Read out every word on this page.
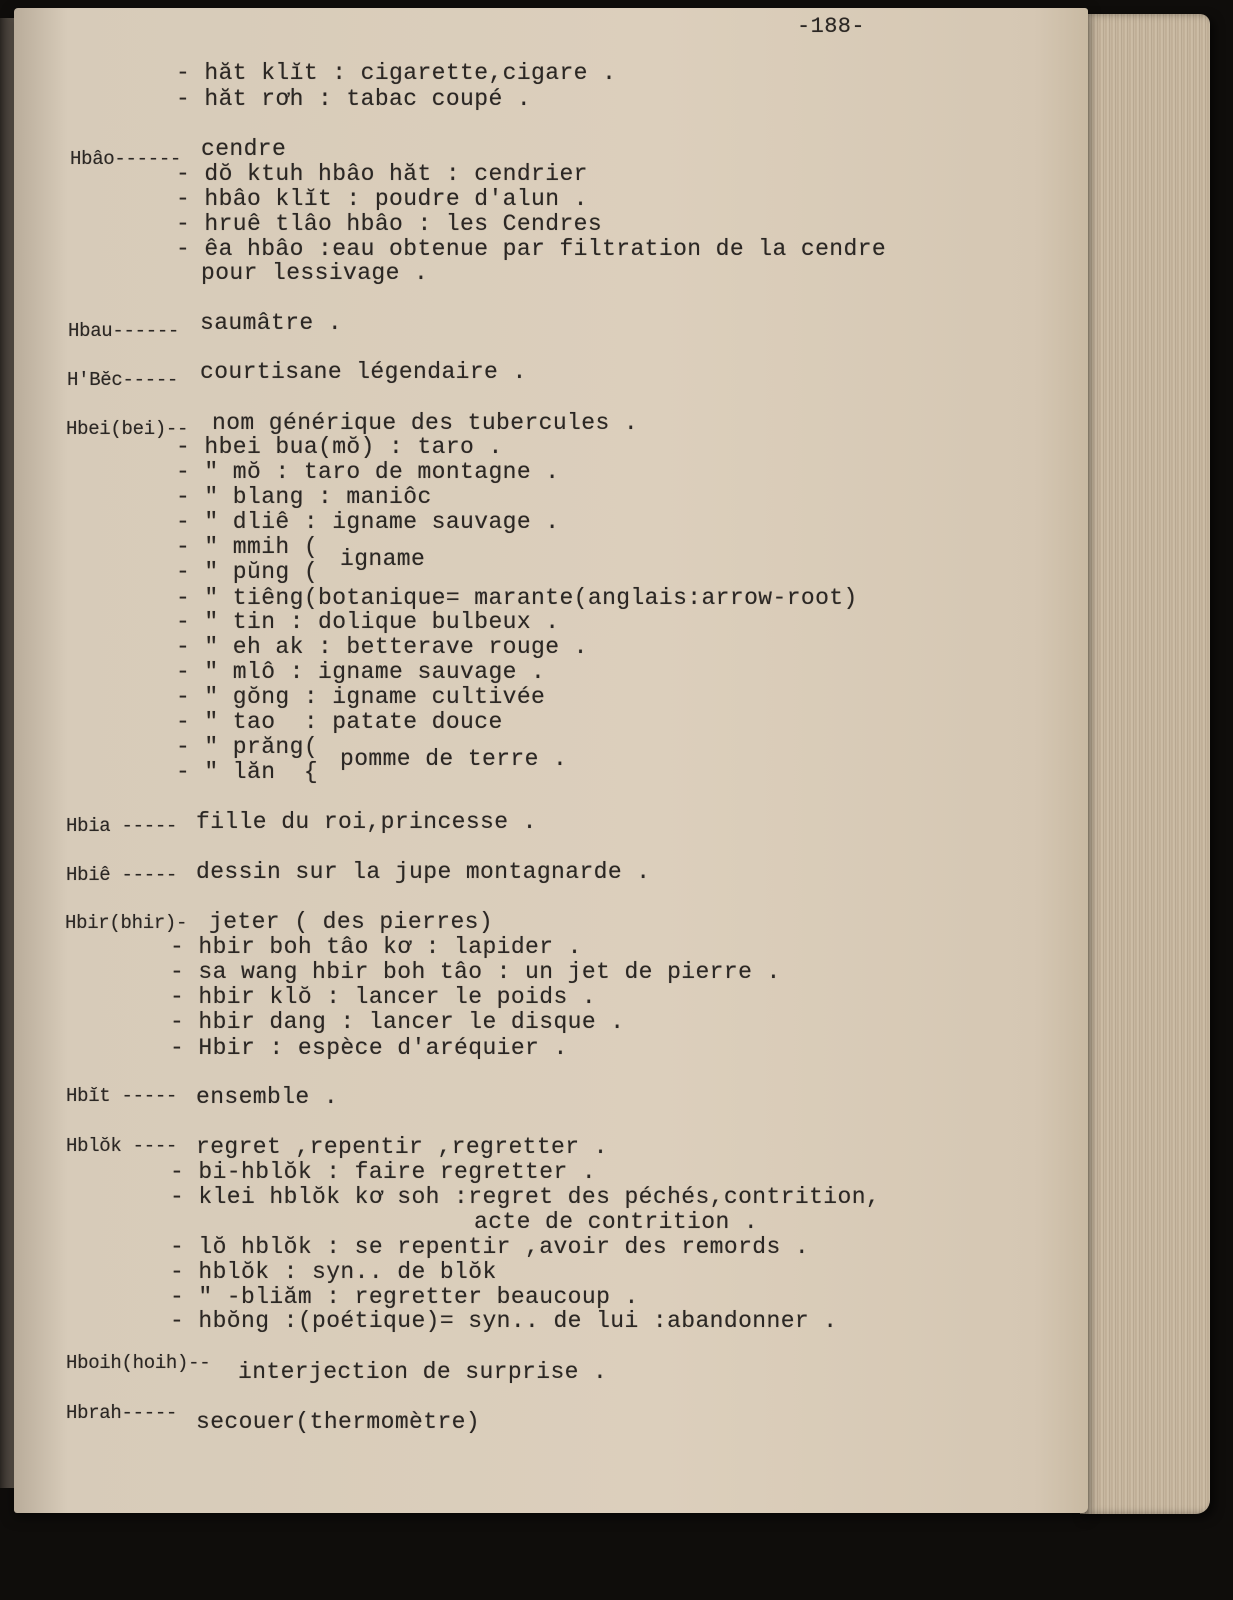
-188-
- hăt klĭt : cigarette,cigare .
- hăt rơh : tabac coupé .
Hbâo------ cendre
- dŏ ktuh hbâo hăt : cendrier
- hbâo klĭt : poudre d'alun .
- hruê tlâo hbâo : les Cendres
- êa hbâo :eau obtenue par filtration de la cendre
pour lessivage .
Hbau------ saumâtre .
H'Bĕc----- courtisane légendaire .
Hbei(bei)-- nom générique des tubercules .
- hbei bua(mŏ) : taro .
- " mŏ : taro de montagne .
- " blang : maniôc
- " dliê : igname sauvage .
- " mmih (
- " pŭng ( igname
- " tiêng(botanique= marante(anglais:arrow-root)
- " tin : dolique bulbeux .
- " eh ak : betterave rouge .
- " mlô : igname sauvage .
- " gŏng : igname cultivée
- " tao  : patate douce
- " prăng(
- " lăn  { pomme de terre .
Hbia ----- fille du roi,princesse .
Hbiê ----- dessin sur la jupe montagnarde .
Hbir(bhir)- jeter ( des pierres)
- hbir boh tâo kơ : lapider .
- sa wang hbir boh tâo : un jet de pierre .
- hbir klŏ : lancer le poids .
- hbir dang : lancer le disque .
- Hbir : espèce d'aréquier .
Hbĭt ----- ensemble .
Hblŏk ---- regret ,repentir ,regretter .
- bi-hblŏk : faire regretter .
- klei hblŏk kơ soh :regret des péchés,contrition,
acte de contrition .
- lŏ hblŏk : se repentir ,avoir des remords .
- hblŏk : syn.. de blŏk
- " -bliăm : regretter beaucoup .
- hbŏng :(poétique)= syn.. de lui :abandonner .
Hboih(hoih)-- interjection de surprise .
Hbrah----- secouer(thermomètre)
